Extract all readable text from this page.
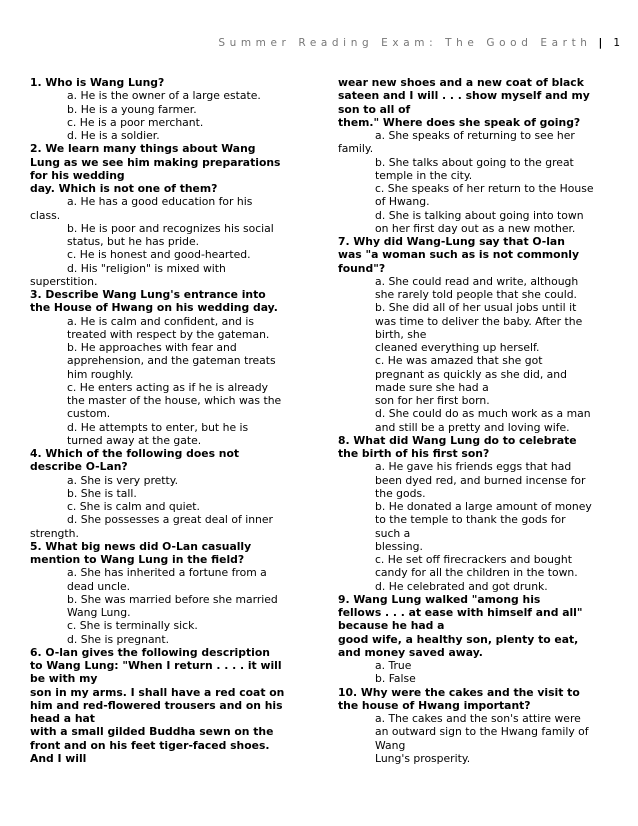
Summer Reading Exam: The Good Earth | 1
1. Who is Wang Lung?
a. He is the owner of a large estate.
b. He is a young farmer.
c. He is a poor merchant.
d. He is a soldier.
2. We learn many things about Wang
Lung as we see him making preparations
for his wedding
day. Which is not one of them?
a. He has a good education for his
class.
b. He is poor and recognizes his social
status, but he has pride.
c. He is honest and good-hearted.
d. His "religion" is mixed with
superstition.
3. Describe Wang Lung's entrance into
the House of Hwang on his wedding day.
a. He is calm and confident, and is
treated with respect by the gateman.
b. He approaches with fear and
apprehension, and the gateman treats
him roughly.
c. He enters acting as if he is already
the master of the house, which was the
custom.
d. He attempts to enter, but he is
turned away at the gate.
4. Which of the following does not
describe O-Lan?
a. She is very pretty.
b. She is tall.
c. She is calm and quiet.
d. She possesses a great deal of inner
strength.
5. What big news did O-Lan casually
mention to Wang Lung in the field?
a. She has inherited a fortune from a
dead uncle.
b. She was married before she married
Wang Lung.
c. She is terminally sick.
d. She is pregnant.
6. O-lan gives the following description
to Wang Lung: "When I return . . . . it will
be with my
son in my arms. I shall have a red coat on
him and red-flowered trousers and on his
head a hat
with a small gilded Buddha sewn on the
front and on his feet tiger-faced shoes.
And I will
wear new shoes and a new coat of black
sateen and I will . . . show myself and my
son to all of
them." Where does she speak of going?
a. She speaks of returning to see her
family.
b. She talks about going to the great
temple in the city.
c. She speaks of her return to the House
of Hwang.
d. She is talking about going into town
on her first day out as a new mother.
7. Why did Wang-Lung say that O-lan
was "a woman such as is not commonly
found"?
a. She could read and write, although
she rarely told people that she could.
b. She did all of her usual jobs until it
was time to deliver the baby. After the
birth, she
cleaned everything up herself.
c. He was amazed that she got
pregnant as quickly as she did, and
made sure she had a
son for her first born.
d. She could do as much work as a man
and still be a pretty and loving wife.
8. What did Wang Lung do to celebrate
the birth of his first son?
a. He gave his friends eggs that had
been dyed red, and burned incense for
the gods.
b. He donated a large amount of money
to the temple to thank the gods for
such a
blessing.
c. He set off firecrackers and bought
candy for all the children in the town.
d. He celebrated and got drunk.
9. Wang Lung walked "among his
fellows . . . at ease with himself and all"
because he had a
good wife, a healthy son, plenty to eat,
and money saved away.
a. True
b. False
10. Why were the cakes and the visit to
the house of Hwang important?
a. The cakes and the son's attire were
an outward sign to the Hwang family of
Wang
Lung's prosperity.
